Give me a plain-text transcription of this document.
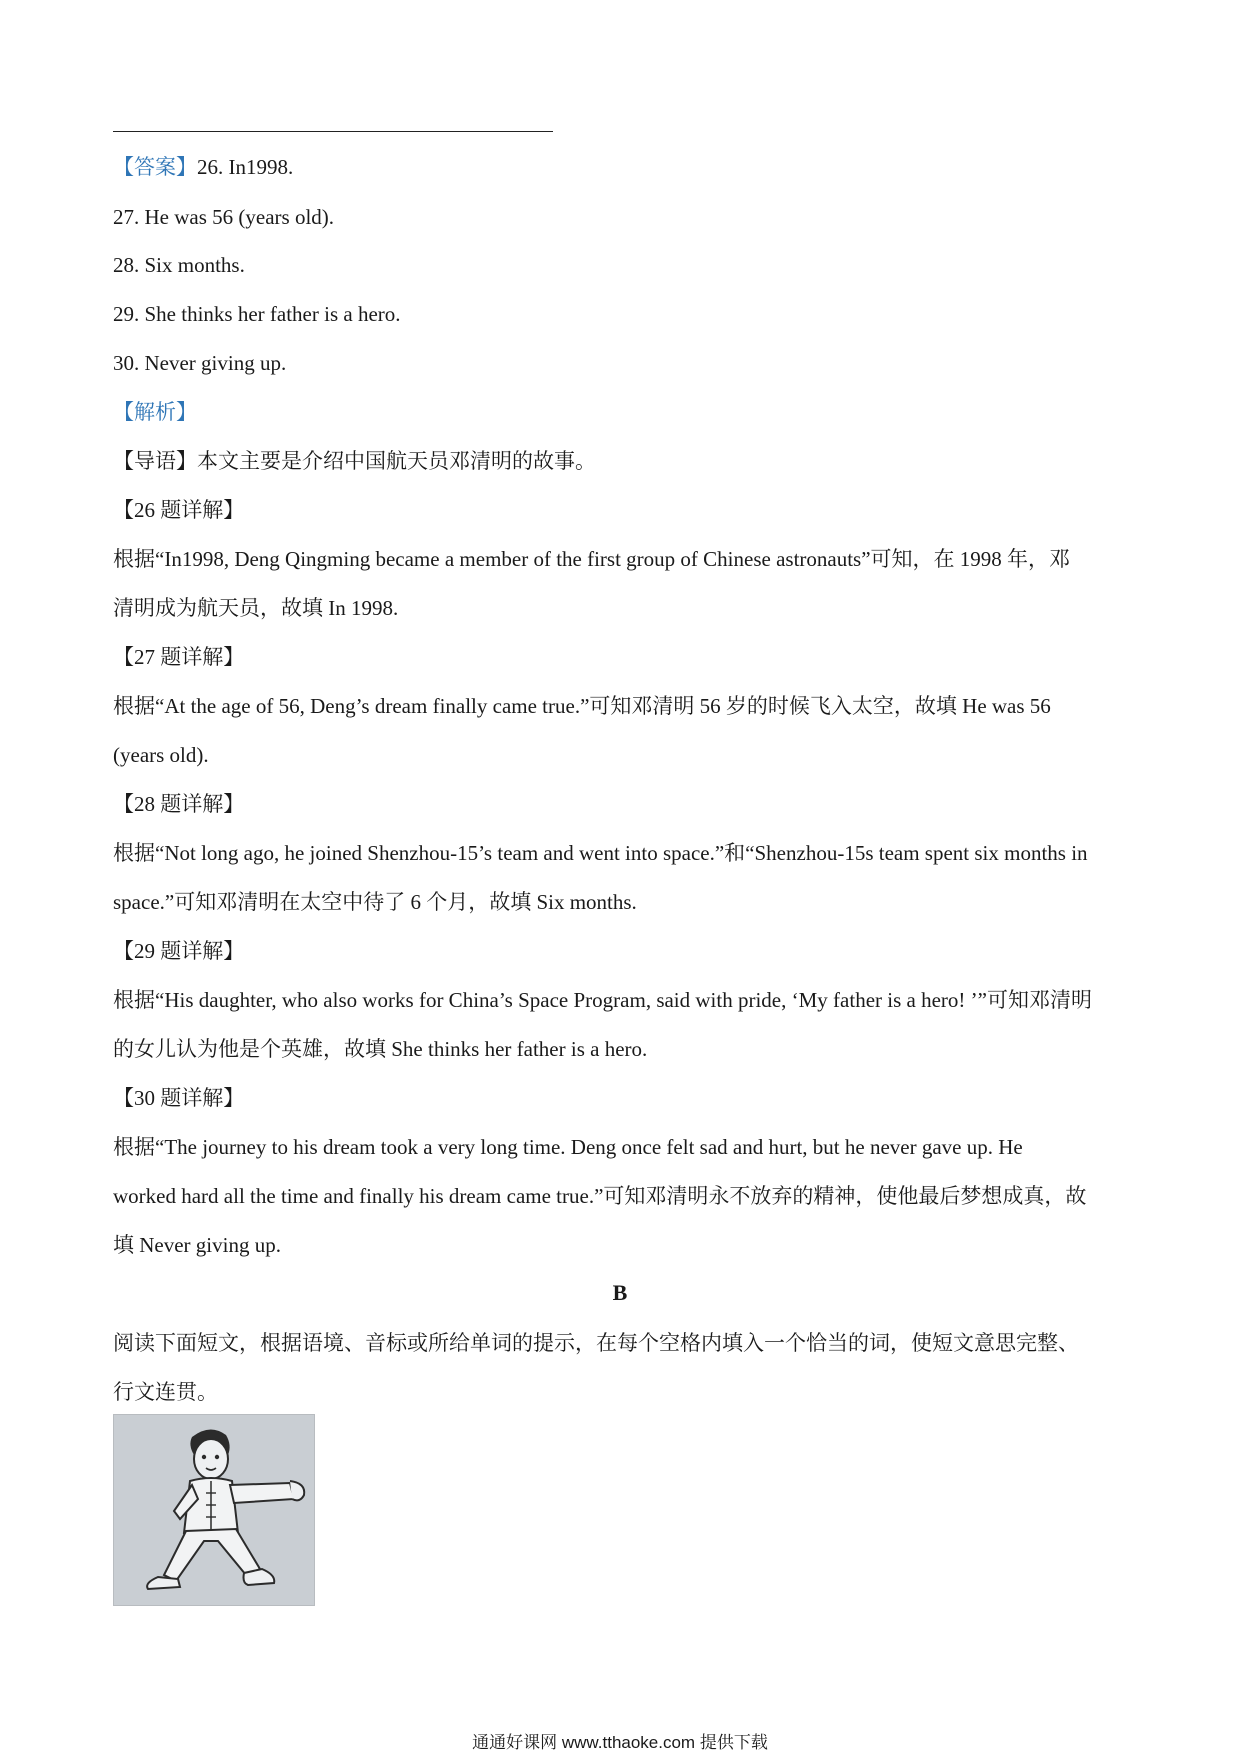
【答案】26. In1998.
27. He was 56 (years old).
28. Six months.
29. She thinks her father is a hero.
30. Never giving up.
【解析】
【导语】本文主要是介绍中国航天员邓清明的故事。
【26 题详解】
根据“In1998, Deng Qingming became a member of the first group of Chinese astronauts”可知，在 1998 年，邓
清明成为航天员，故填 In 1998.
【27 题详解】
根据“At the age of 56, Deng’s dream finally came true.”可知邓清明 56 岁的时候飞入太空，故填 He was 56
(years old).
【28 题详解】
根据“Not long ago, he joined Shenzhou-15’s team and went into space.”和“Shenzhou-15s team spent six months in
space.”可知邓清明在太空中待了 6 个月，故填 Six months.
【29 题详解】
根据“His daughter, who also works for China’s Space Program, said with pride, ‘My father is a hero! ’”可知邓清明
的女儿认为他是个英雄，故填 She thinks her father is a hero.
【30 题详解】
根据“The journey to his dream took a very long time. Deng once felt sad and hurt, but he never gave up. He
worked hard all the time and finally his dream came true.”可知邓清明永不放弃的精神，使他最后梦想成真，故
填 Never giving up.
B
阅读下面短文，根据语境、音标或所给单词的提示，在每个空格内填入一个恰当的词，使短文意思完整、
行文连贯。
通通好课网 www.tthaoke.com 提供下载
